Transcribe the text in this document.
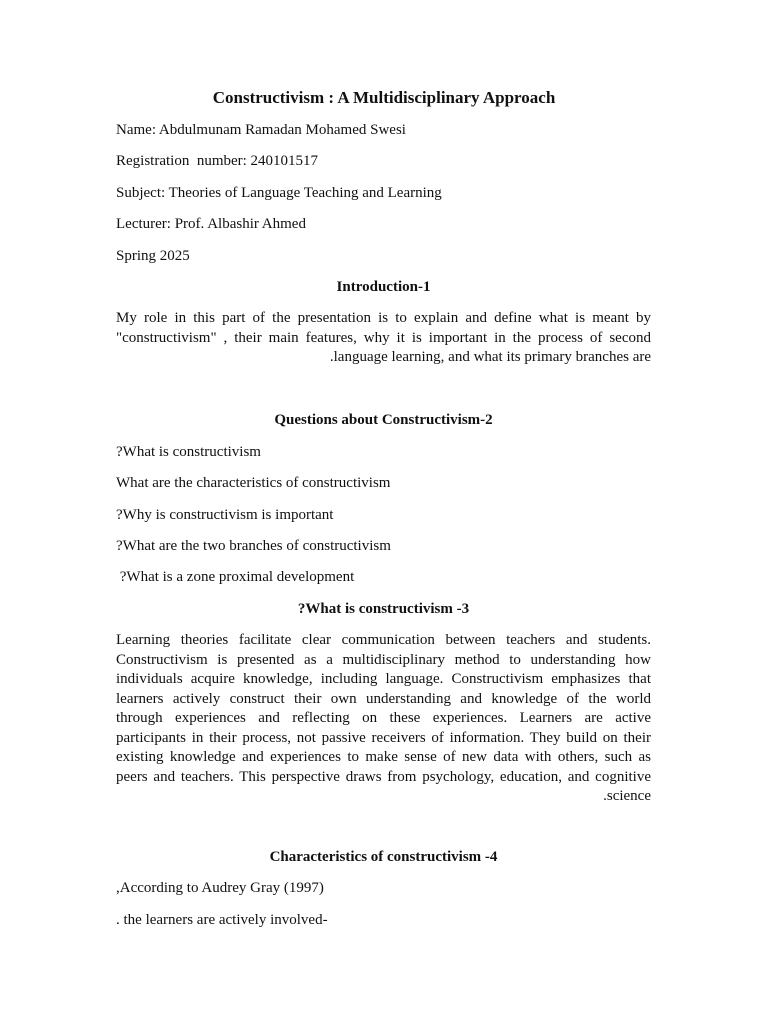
Constructivism : A Multidisciplinary Approach

Name: Abdulmunam Ramadan Mohamed Swesi

Registration  number: 240101517

Subject: Theories of Language Teaching and Learning

Lecturer: Prof. Albashir Ahmed

Spring 2025

Introduction-1
My role in this part of the presentation is to explain and define what is meant by
"constructivism" , their main features, why it is important in the process of second
.language learning, and what its primary branches are
Questions about Constructivism-2

?What is constructivism

What are the characteristics of constructivism

?Why is constructivism is important

?What are the two branches of constructivism

?What is a zone proximal development

?What is constructivism -3
Learning theories facilitate clear communication between teachers and students.
Constructivism is presented as a multidisciplinary method to understanding how
individuals acquire knowledge, including language. Constructivism emphasizes that
learners actively construct their own understanding and knowledge of the world
through experiences and reflecting on these experiences. Learners are active
participants in their process, not passive receivers of information. They build on their
existing knowledge and experiences to make sense of new data with others, such as
peers and teachers. This perspective draws from psychology, education, and cognitive
.science
Characteristics of constructivism -4

,According to Audrey Gray (1997)

. the learners are actively involved-
